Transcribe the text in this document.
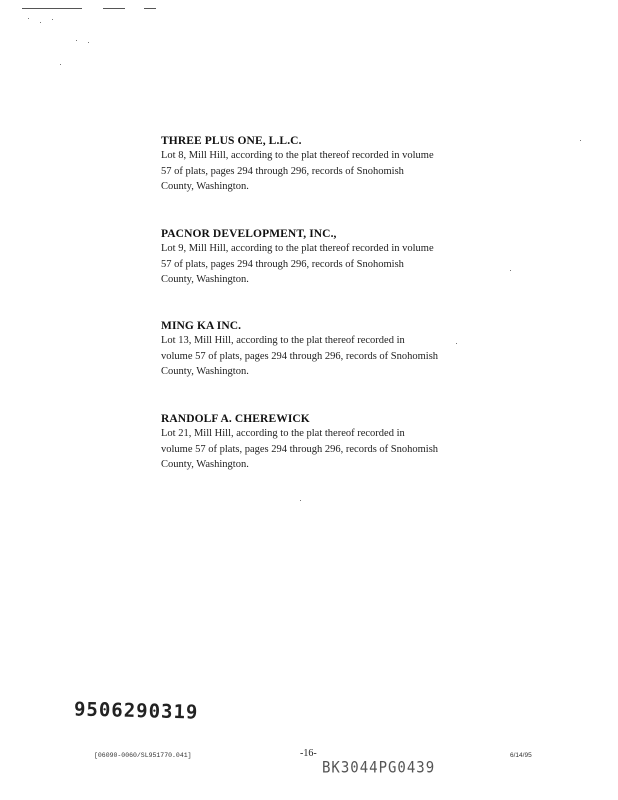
THREE PLUS ONE, L.L.C.
Lot 8, Mill Hill, according to the plat thereof recorded in volume
57 of plats, pages 294 through 296, records of Snohomish
County, Washington.
PACNOR DEVELOPMENT, INC.,
Lot 9, Mill Hill, according to the plat thereof recorded in volume
57 of plats, pages 294 through 296, records of Snohomish
County, Washington.
MING KA INC.
Lot 13, Mill Hill, according to the plat thereof recorded in
volume 57 of plats, pages 294 through 296, records of Snohomish
County, Washington.
RANDOLF A. CHEREWICK
Lot 21, Mill Hill, according to the plat thereof recorded in
volume 57 of plats, pages 294 through 296, records of Snohomish
County, Washington.
9506290319
[06090-0060/SL951770.041]	-16-	6/14/95
BK3044PG0439
